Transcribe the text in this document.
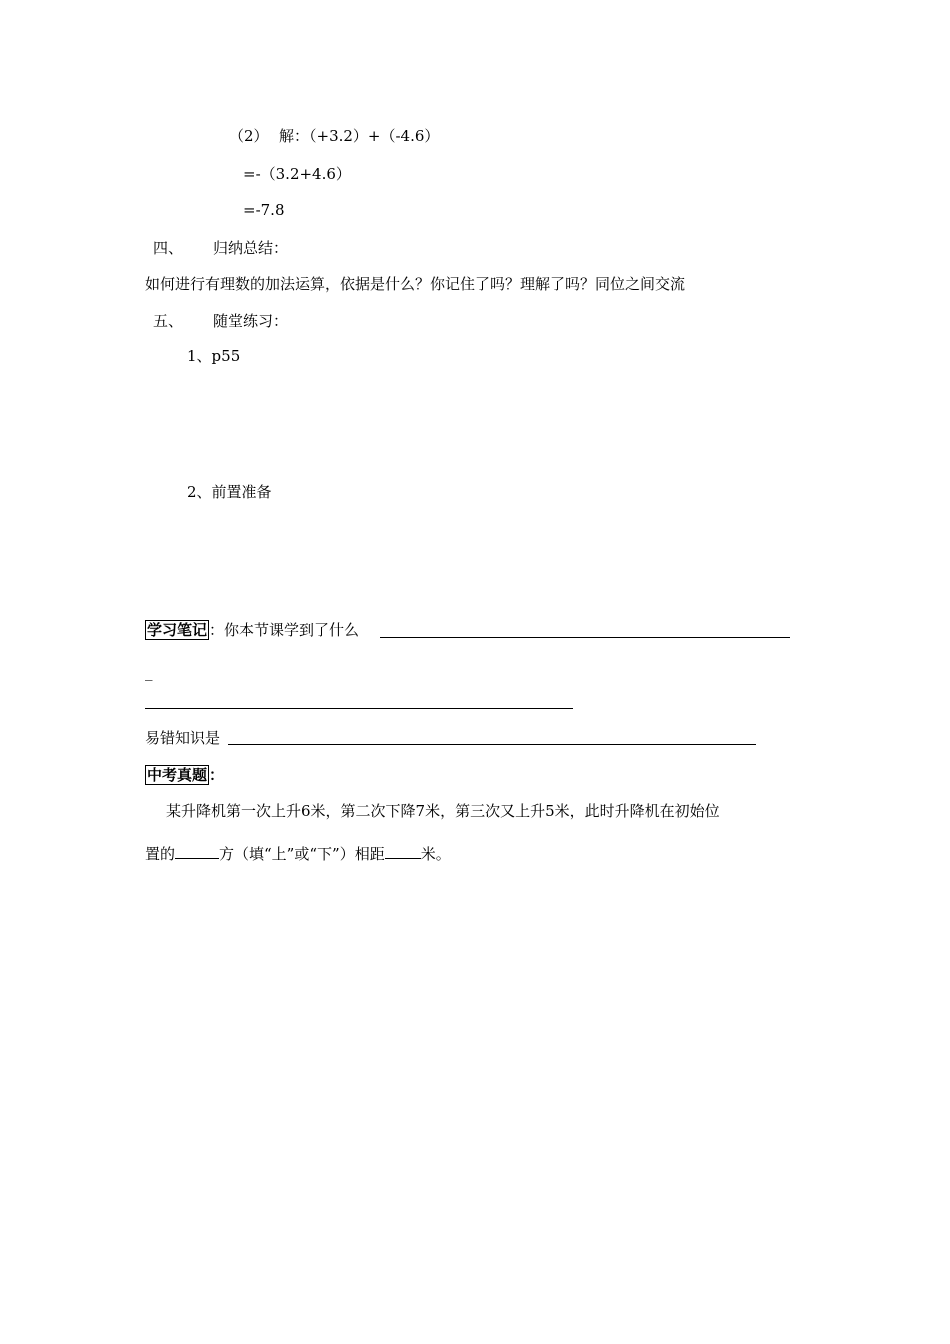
（2） 解：（+3.2）+（-4.6）
=-（3.2+4.6）
=-7.8
四、 归纳总结：
如何进行有理数的加法运算，依据是什么？你记住了吗？理解了吗？同位之间交流
五、 随堂练习：
1、p55
2、前置准备
学习笔记 ：你本节课学到了什么
_
易错知识是
中考真题 ：
某升降机第一次上升6米，第二次下降7米，第三次又上升5米，此时升降机在初始位
置的	方（填“上”或“下”）相距 米。
